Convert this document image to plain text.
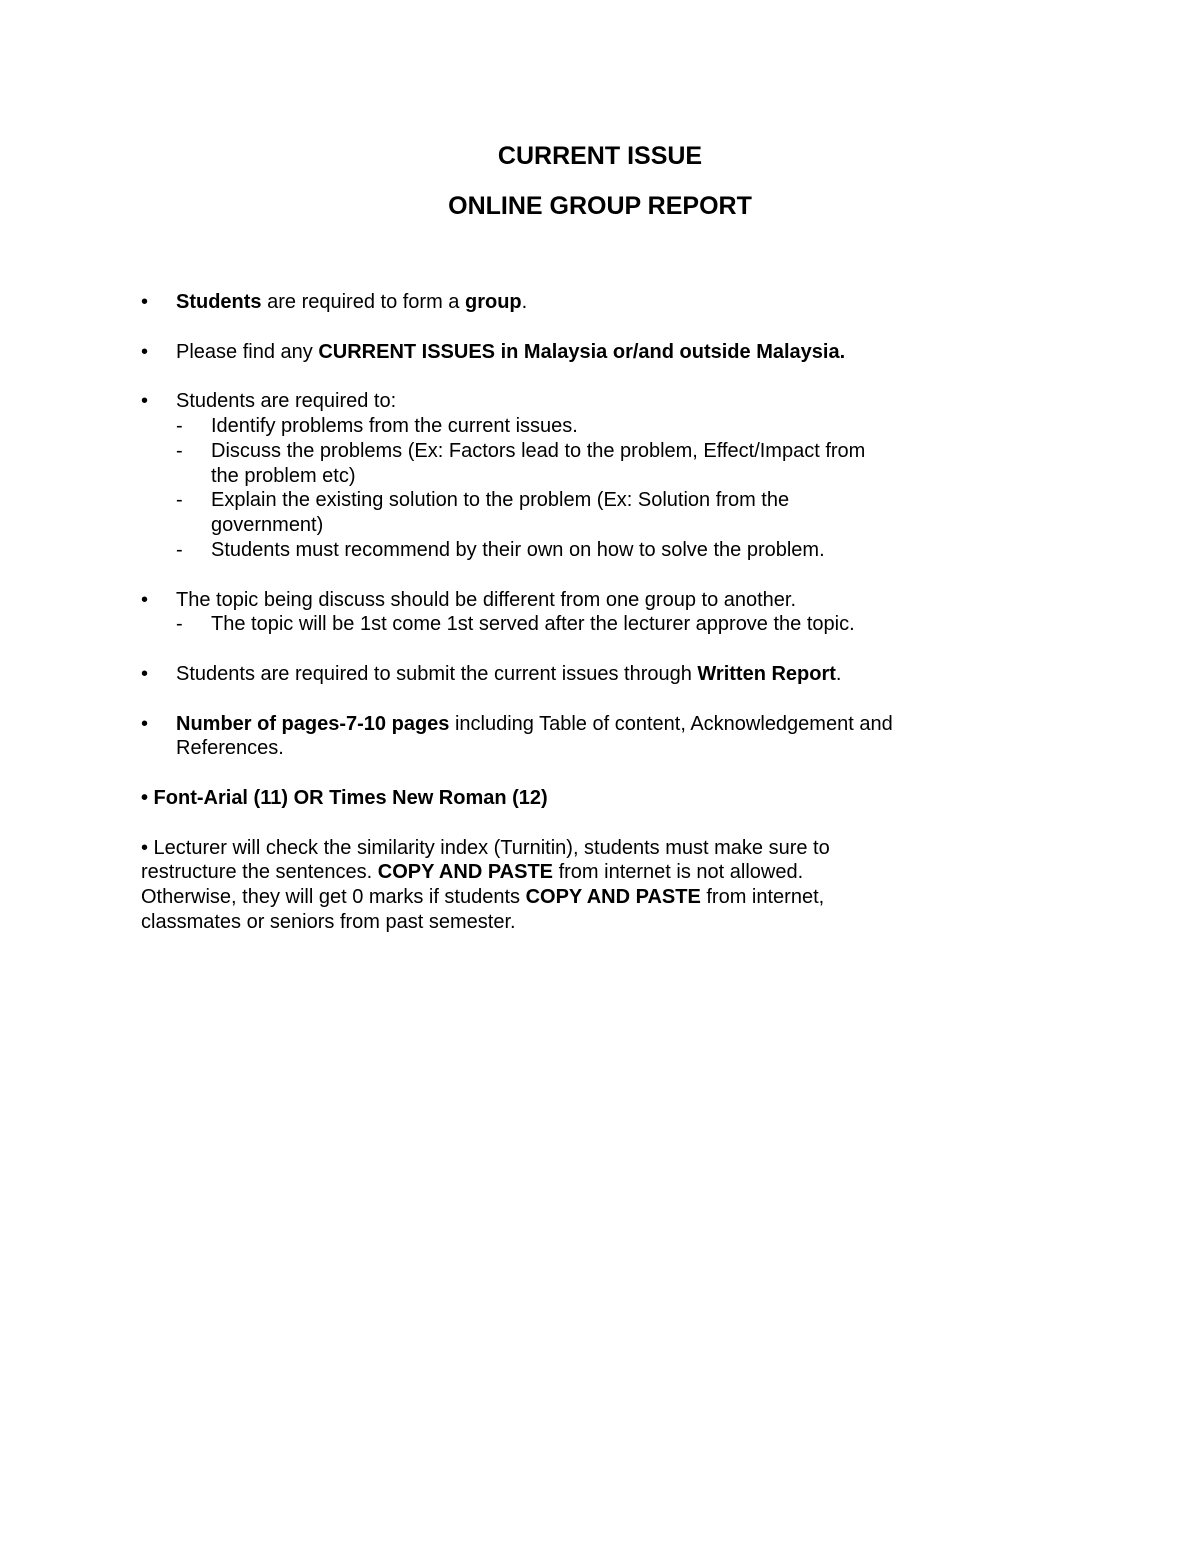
CURRENT ISSUE
ONLINE GROUP REPORT

• Students are required to form a group.

• Please find any CURRENT ISSUES in Malaysia or/and outside Malaysia.

• Students are required to:

- Identify problems from the current issues.

- Discuss the problems (Ex: Factors lead to the problem, Effect/Impact from the problem etc)

- Explain the existing solution to the problem (Ex: Solution from the government)

- Students must recommend by their own on how to solve the problem.

• The topic being discuss should be different from one group to another.

- The topic will be 1st come 1st served after the lecturer approve the topic.

• Students are required to submit the current issues through Written Report.

• Number of pages-7-10 pages including Table of content, Acknowledgement and References.

• Font-Arial (11) OR Times New Roman (12)

• Lecturer will check the similarity index (Turnitin), students must make sure to restructure the sentences. COPY AND PASTE from internet is not allowed. Otherwise, they will get 0 marks if students COPY AND PASTE from internet, classmates or seniors from past semester.
